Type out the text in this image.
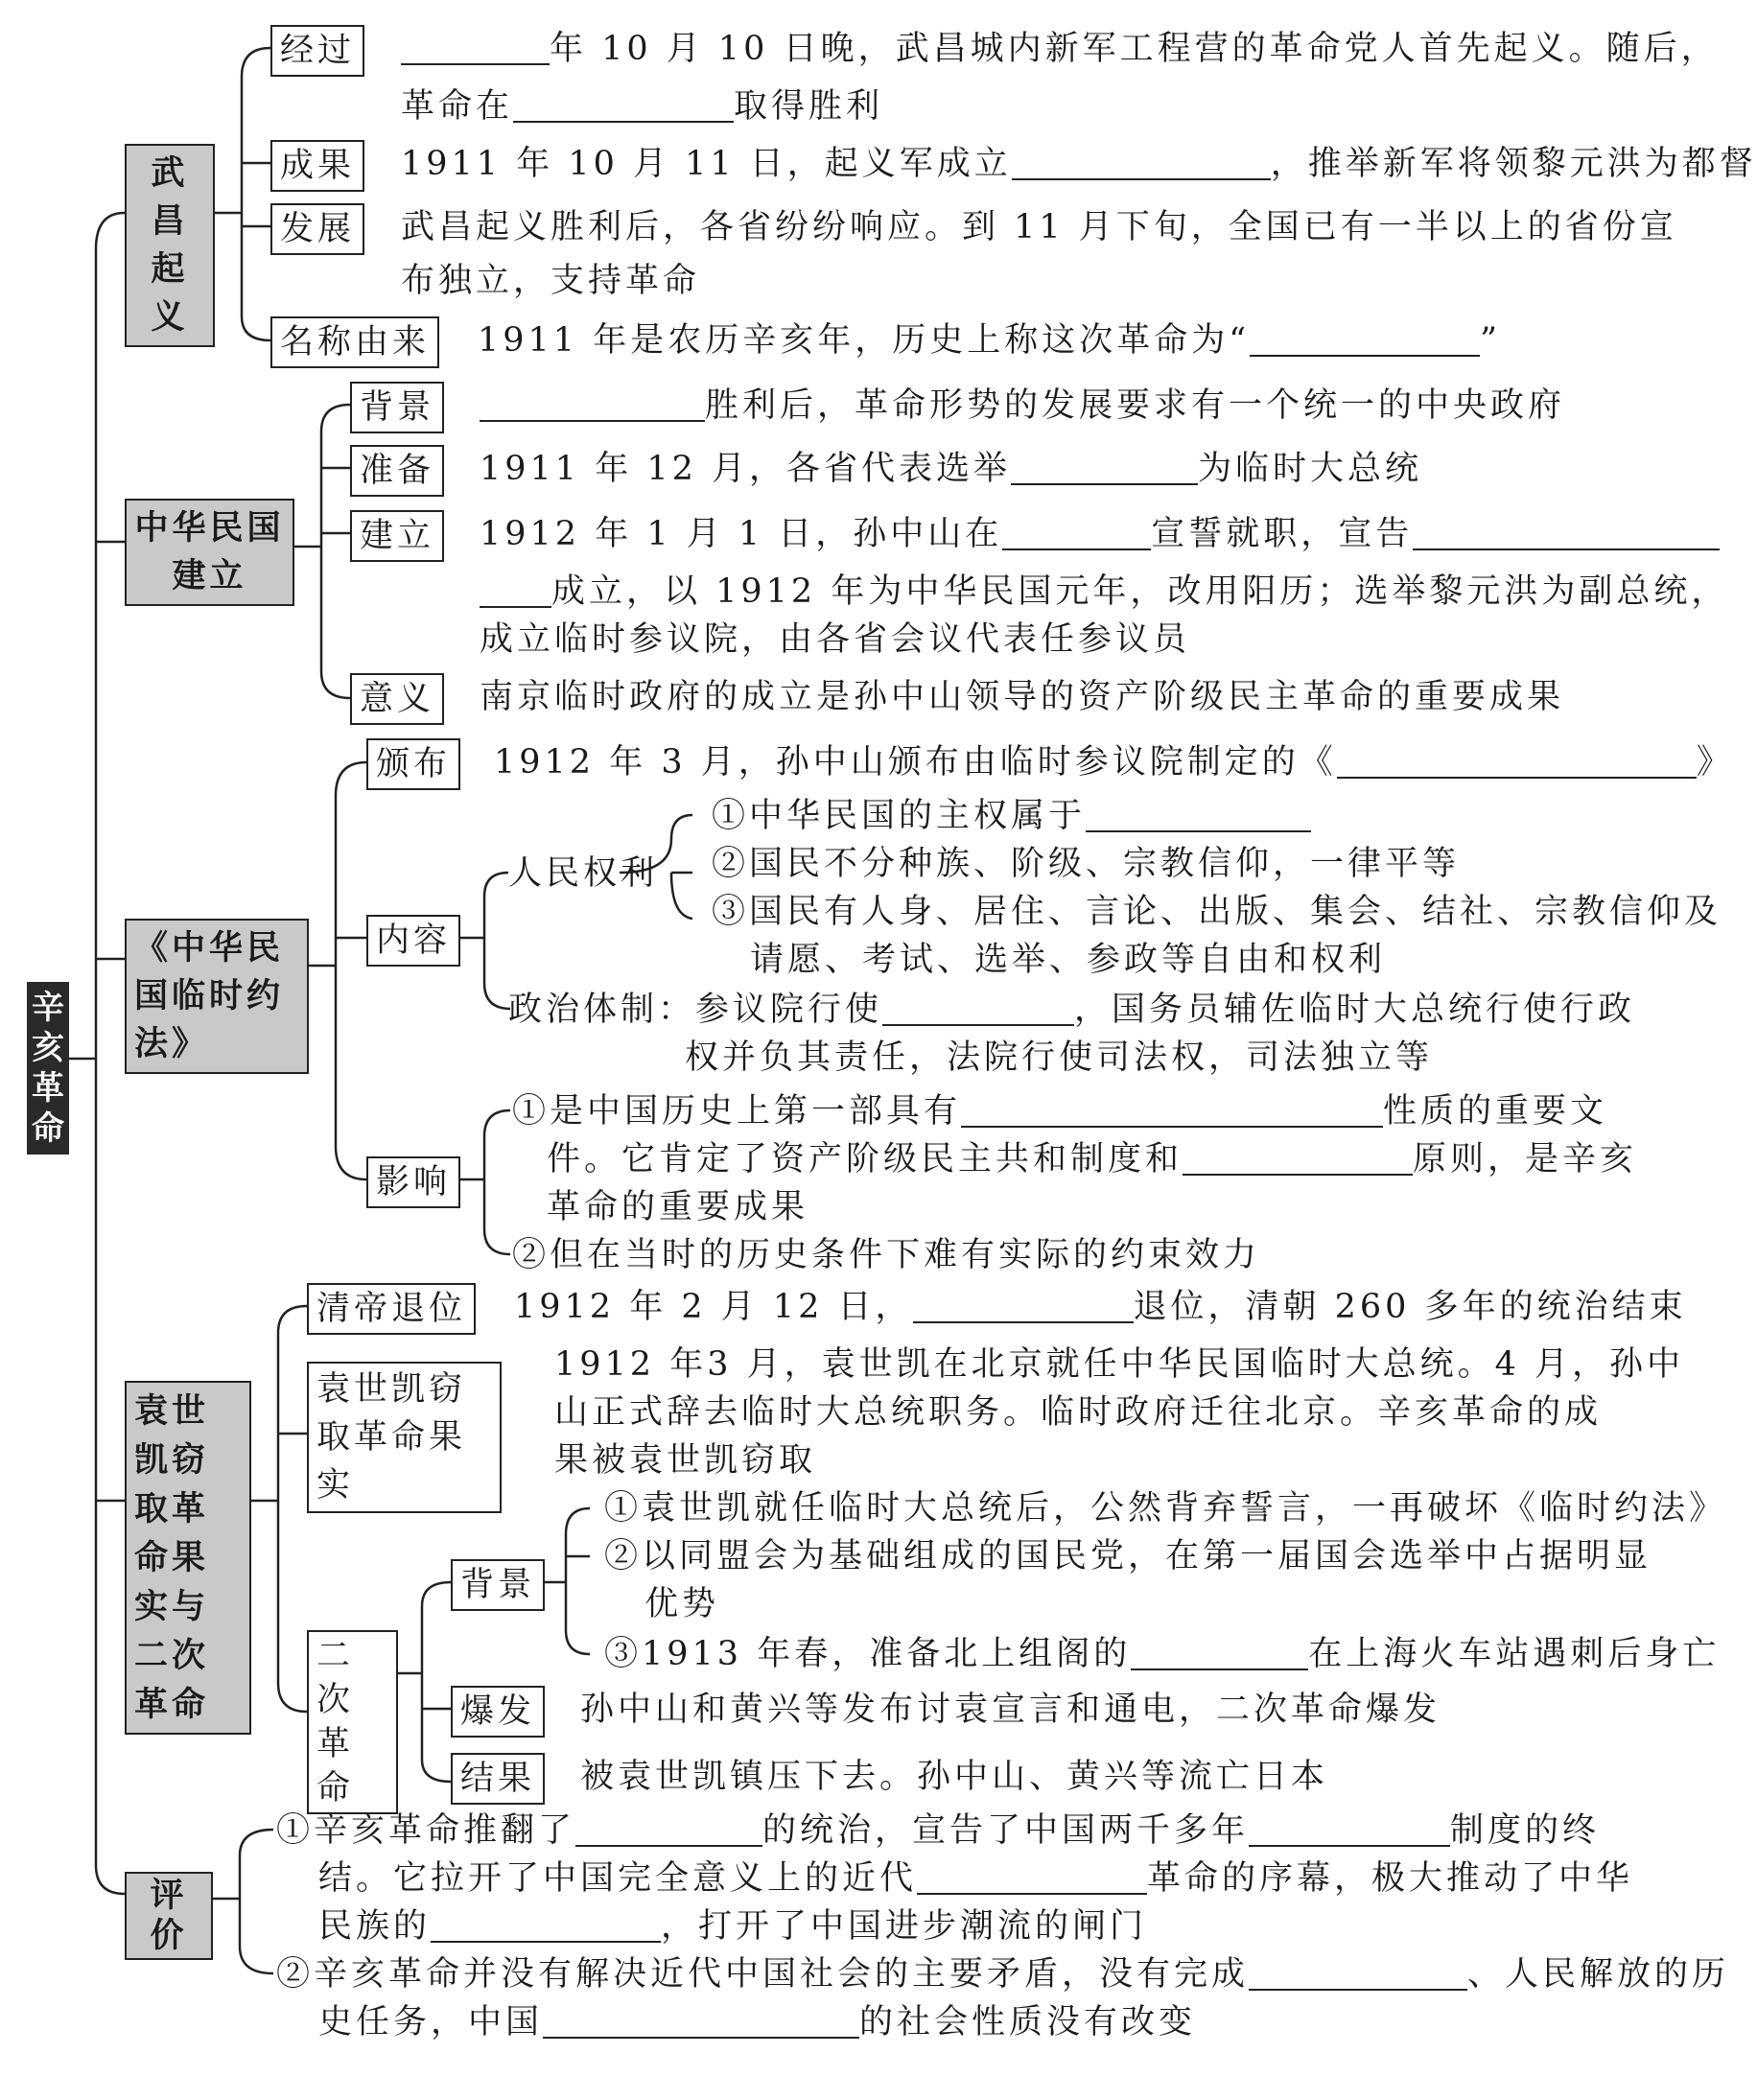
辛亥革命
武昌起义
经过	年 10 月 10 日晚，武昌城内新军工程营的革命党人首先起义。随后，
革命在	取得胜利
成果 1911 年 10 月 11 日，起义军成立	，推举新军将领黎元洪为都督
发展 武昌起义胜利后，各省纷纷响应。到 11 月下旬，全国已有一半以上的省份宣
布独立，支持革命
名称由来 1911 年是农历辛亥年，历史上称这次革命为“	”
中华民国建立
背景	胜利后，革命形势的发展要求有一个统一的中央政府
准备 1911 年 12 月，各省代表选举	为临时大总统
建立 1912 年 1 月 1 日，孙中山在	宣誓就职，宣告
成立，以 1912 年为中华民国元年，改用阳历；选举黎元洪为副总统，
成立临时参议院，由各省会议代表任参议员
意义 南京临时政府的成立是孙中山领导的资产阶级民主革命的重要成果
《中华民国临时约法》
颁布 1912 年 3 月，孙中山颁布由临时参议院制定的《	》
内容
人民权利
①中华民国的主权属于
②国民不分种族、阶级、宗教信仰，一律平等
③国民有人身、居住、言论、出版、集会、结社、宗教信仰及
请愿、考试、选举、参政等自由和权利
政治体制：参议院行使	，国务员辅佐临时大总统行使行政
权并负其责任，法院行使司法权，司法独立等
影响
①是中国历史上第一部具有	性质的重要文
件。它肯定了资产阶级民主共和制度和	原则，是辛亥
革命的重要成果
②但在当时的历史条件下难有实际的约束效力
袁世凯窃取革命果实与二次革命
清帝退位 1912 年 2 月 12 日，	退位，清朝 260 多年的统治结束
袁世凯窃取革命果实
1912 年3 月，袁世凯在北京就任中华民国临时大总统。4 月，孙中
山正式辞去临时大总统职务。临时政府迁往北京。辛亥革命的成
果被袁世凯窃取
二次革命
背景
①袁世凯就任临时大总统后，公然背弃誓言，一再破坏《临时约法》
②以同盟会为基础组成的国民党，在第一届国会选举中占据明显
优势
③1913 年春，准备北上组阁的	在上海火车站遇刺后身亡
爆发 孙中山和黄兴等发布讨袁宣言和通电，二次革命爆发
结果 被袁世凯镇压下去。孙中山、黄兴等流亡日本
评价
①辛亥革命推翻了	的统治，宣告了中国两千多年	制度的终
结。它拉开了中国完全意义上的近代	革命的序幕，极大推动了中华
民族的	，打开了中国进步潮流的闸门
②辛亥革命并没有解决近代中国社会的主要矛盾，没有完成	、人民解放的历
史任务，中国	的社会性质没有改变
